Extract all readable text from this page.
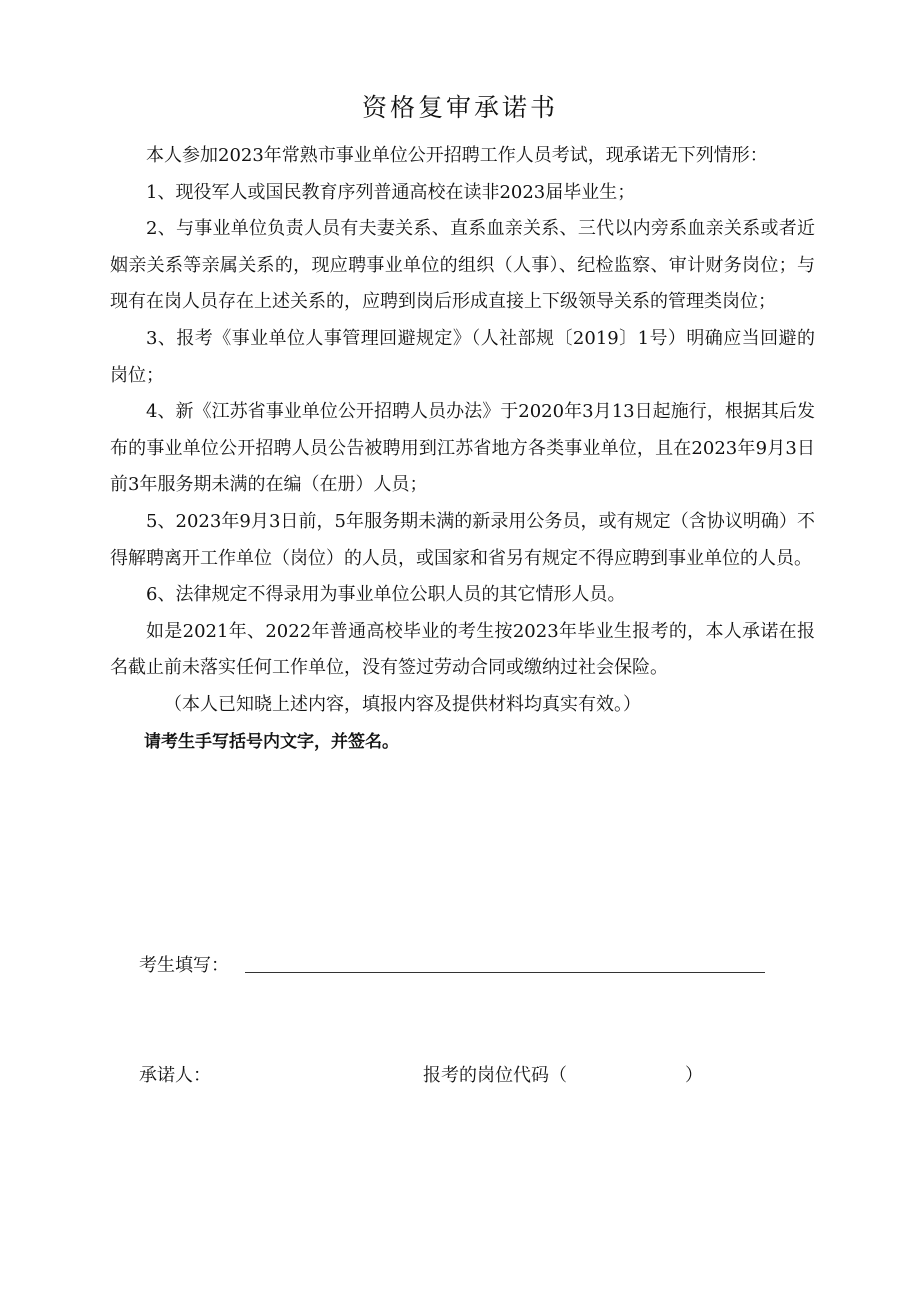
资格复审承诺书

本人参加2023年常熟市事业单位公开招聘工作人员考试，现承诺无下列情形：

1、现役军人或国民教育序列普通高校在读非2023届毕业生；

2、与事业单位负责人员有夫妻关系、直系血亲关系、三代以内旁系血亲关系或者近姻亲关系等亲属关系的，现应聘事业单位的组织（人事）、纪检监察、审计财务岗位；与现有在岗人员存在上述关系的，应聘到岗后形成直接上下级领导关系的管理类岗位；

3、报考《事业单位人事管理回避规定》（人社部规〔2019〕1号）明确应当回避的岗位；

4、新《江苏省事业单位公开招聘人员办法》于2020年3月13日起施行，根据其后发布的事业单位公开招聘人员公告被聘用到江苏省地方各类事业单位，且在2023年9月3日前3年服务期未满的在编（在册）人员；

5、2023年9月3日前，5年服务期未满的新录用公务员，或有规定（含协议明确）不得解聘离开工作单位（岗位）的人员，或国家和省另有规定不得应聘到事业单位的人员。

6、法律规定不得录用为事业单位公职人员的其它情形人员。

如是2021年、2022年普通高校毕业的考生按2023年毕业生报考的，本人承诺在报名截止前未落实任何工作单位，没有签过劳动合同或缴纳过社会保险。

（本人已知晓上述内容，填报内容及提供材料均真实有效。）

请考生手写括号内文字，并签名。

考生填写：
承诺人：	报考的岗位代码（	）
